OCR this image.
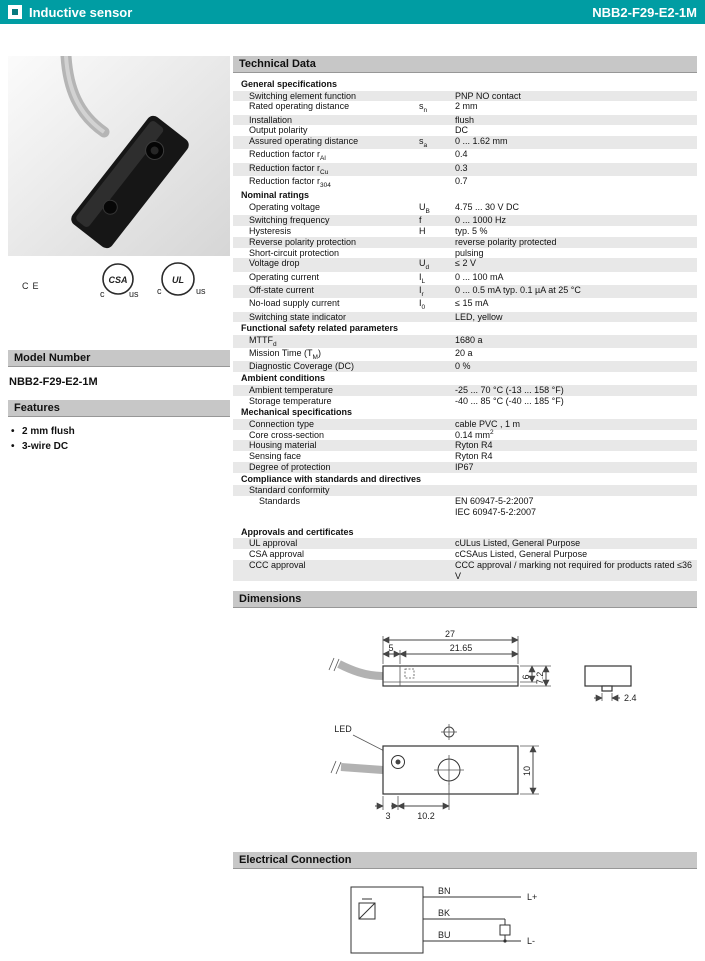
Inductive sensor	NBB2-F29-E2-1M
CE
CSA
c	us
UL
c	us
Model Number
NBB2-F29-E2-1M
Features
• 2 mm flush
• 3-wire DC
Technical Data
General specifications
Switching element function	PNP NO contact
Rated operating distance	$s_n$	2 mm
Installation	flush
Output polarity	DC
Assured operating distance	$s_a$	0 ... 1.62 mm
Reduction factor $r_{Al}$	0.4
Reduction factor $r_{Cu}$	0.3
Reduction factor $r_{304}$	0.7
Nominal ratings
Operating voltage	$U_B$	4.75 ... 30 V DC
Switching frequency	f	0 ... 1000 Hz
Hysteresis	H	typ. 5 %
Reverse polarity protection	reverse polarity protected
Short-circuit protection	pulsing
Voltage drop	$U_d$	≤ 2 V
Operating current	$I_L$	0 ... 100 mA
Off-state current	$I_r$	0 ... 0.5 mA typ. 0.1 µA at 25 °C
No-load supply current	$I_0$	≤ 15 mA
Switching state indicator	LED, yellow
Functional safety related parameters
$MTTF_d$	1680 a
Mission Time $(T_M)$	20 a
Diagnostic Coverage (DC)	0 %
Ambient conditions
Ambient temperature	-25 ... 70 °C (-13 ... 158 °F)
Storage temperature	-40 ... 85 °C (-40 ... 185 °F)
Mechanical specifications
Connection type	cable PVC , 1 m
Core cross-section	0.14 $mm^2$
Housing material	Ryton R4
Sensing face	Ryton R4
Degree of protection	IP67
Compliance with standards and directives
Standard conformity
Standards	EN 60947-5-2:2007
IEC 60947-5-2:2007
Approvals and certificates
UL approval	cULus Listed, General Purpose
CSA approval	cCSAus Listed, General Purpose
CCC approval	CCC approval / marking not required for products rated ≤36 V
Dimensions
27
5	21.65
6 7.2
2.4
LED
3	10.2
10
Electrical Connection
BN
L+
BK
BU
L-
